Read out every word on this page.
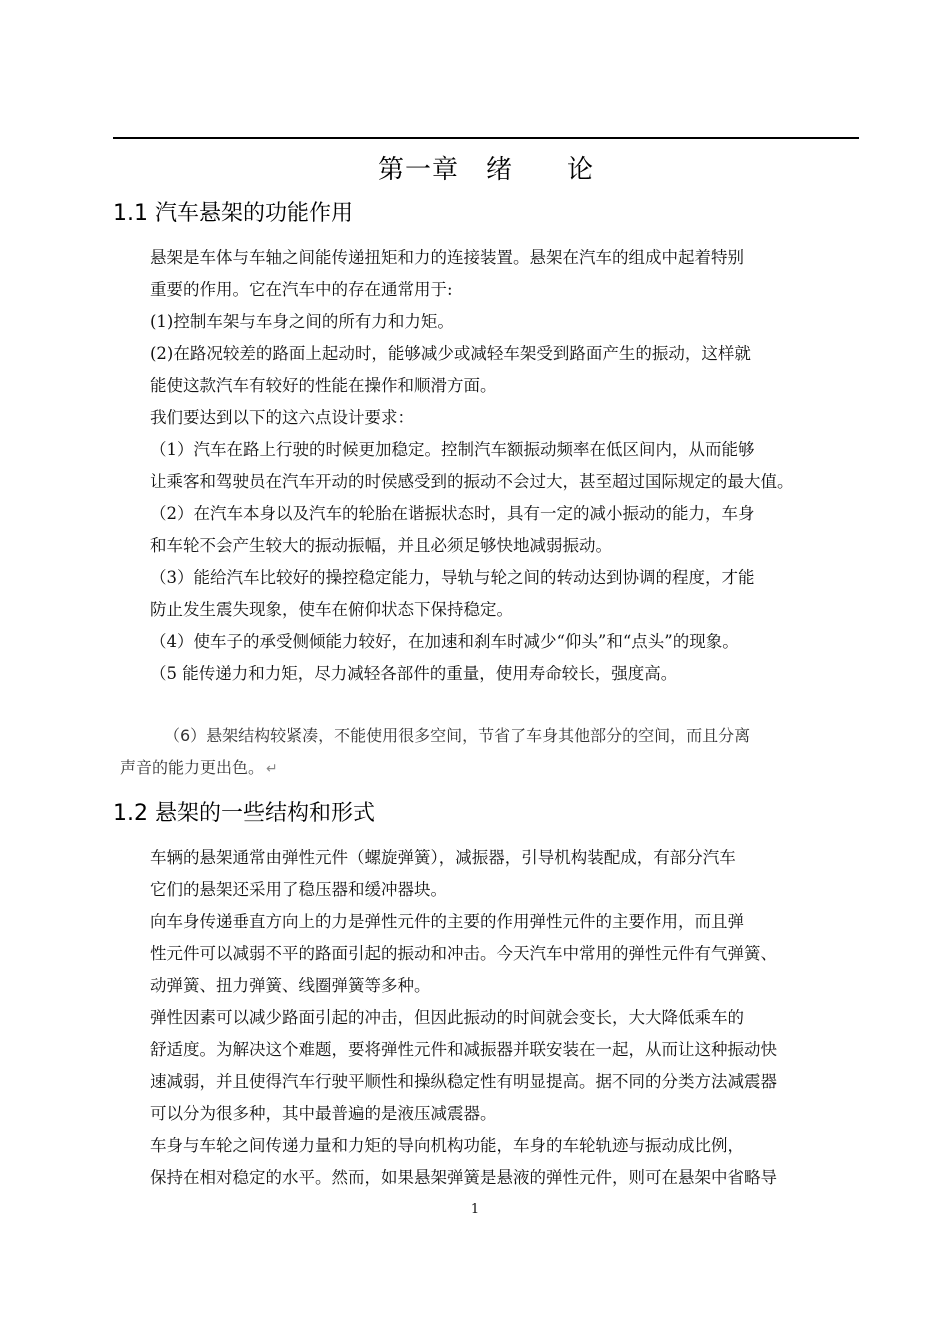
第一章　绪　　论
1.1 汽车悬架的功能作用

悬架是车体与车轴之间能传递扭矩和力的连接装置。悬架在汽车的组成中起着特别
重要的作用。它在汽车中的存在通常用于:

(1)控制车架与车身之间的所有力和力矩。

(2)在路况较差的路面上起动时，能够减少或减轻车架受到路面产生的振动，这样就
能使这款汽车有较好的性能在操作和顺滑方面。

我们要达到以下的这六点设计要求：

（1）汽车在路上行驶的时候更加稳定。控制汽车额振动频率在低区间内，从而能够
让乘客和驾驶员在汽车开动的时侯感受到的振动不会过大，甚至超过国际规定的最大值。

（2）在汽车本身以及汽车的轮胎在谐振状态时，具有一定的减小振动的能力，车身
和车轮不会产生较大的振动振幅，并且必须足够快地减弱振动。

（3）能给汽车比较好的操控稳定能力，导轨与轮之间的转动达到协调的程度，才能
防止发生震失现象，使车在俯仰状态下保持稳定。

（4）使车子的承受侧倾能力较好，在加速和刹车时减少“仰头”和“点头”的现象。

（5 能传递力和力矩，尽力减轻各部件的重量，使用寿命较长，强度高。

（6）悬架结构较紧凑，不能使用很多空间，节省了车身其他部分的空间，而且分离
声音的能力更出色。 ↵
1.2 悬架的一些结构和形式

车辆的悬架通常由弹性元件（螺旋弹簧），减振器，引导机构装配成，有部分汽车
它们的悬架还采用了稳压器和缓冲器块。

向车身传递垂直方向上的力是弹性元件的主要的作用弹性元件的主要作用，而且弹
性元件可以减弱不平的路面引起的振动和冲击。今天汽车中常用的弹性元件有气弹簧、
动弹簧、扭力弹簧、线圈弹簧等多种。

弹性因素可以减少路面引起的冲击，但因此振动的时间就会变长，大大降低乘车的
舒适度。为解决这个难题，要将弹性元件和减振器并联安装在一起，从而让这种振动快
速减弱，并且使得汽车行驶平顺性和操纵稳定性有明显提高。据不同的分类方法减震器
可以分为很多种，其中最普遍的是液压减震器。

车身与车轮之间传递力量和力矩的导向机构功能，车身的车轮轨迹与振动成比例，
保持在相对稳定的水平。然而，如果悬架弹簧是悬液的弹性元件，则可在悬架中省略导

1
